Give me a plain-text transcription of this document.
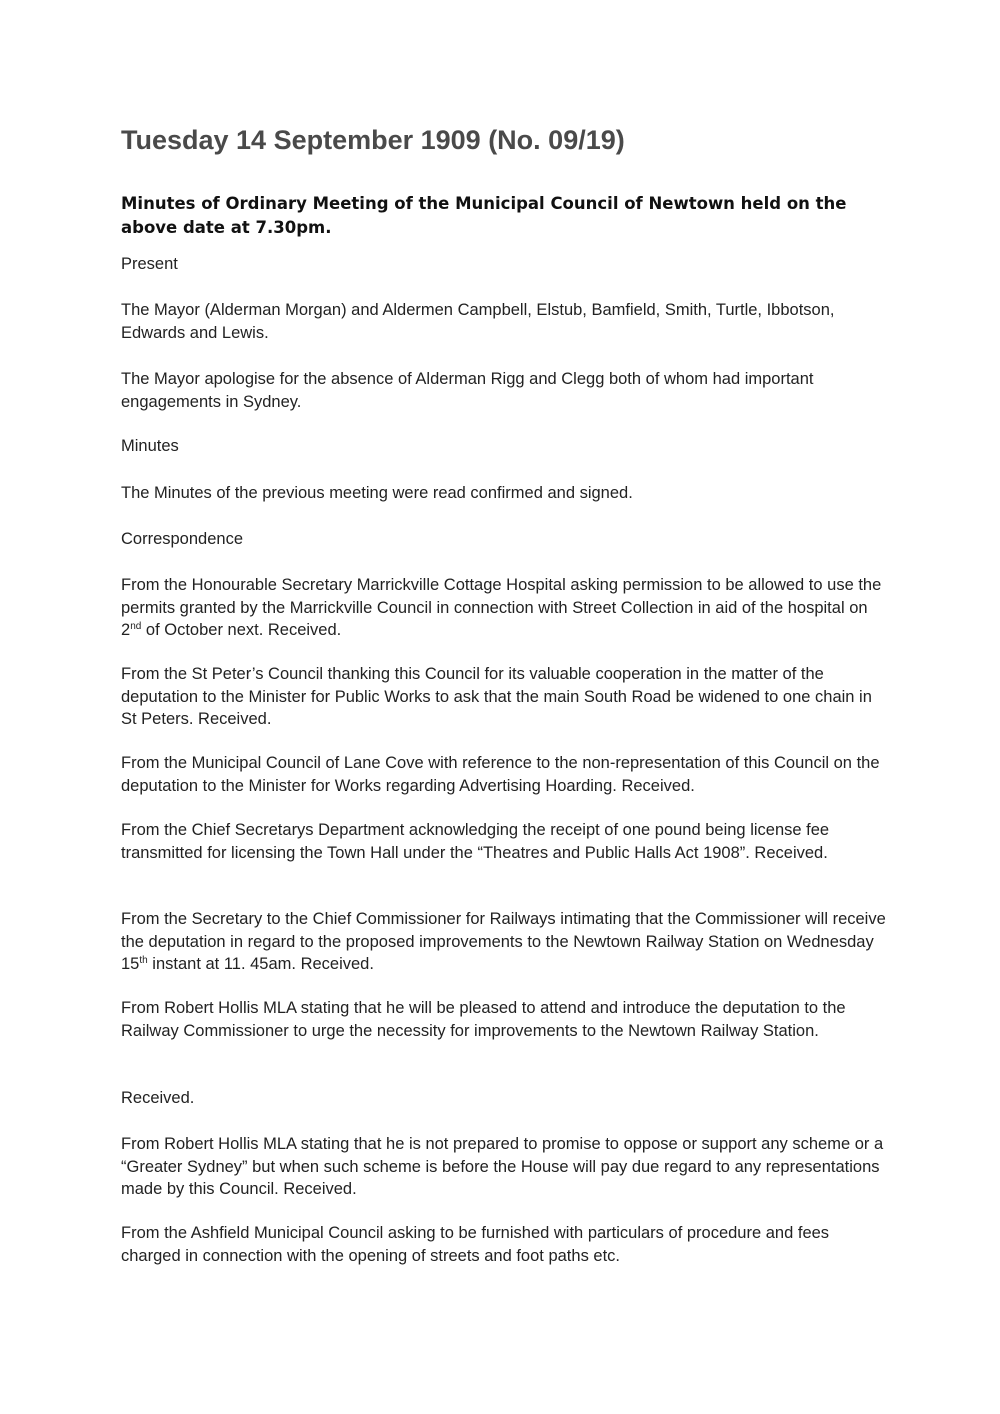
Tuesday 14 September 1909 (No. 09/19)

Minutes of Ordinary Meeting of the Municipal Council of Newtown held on the above date at 7.30pm.

Present

The Mayor (Alderman Morgan) and Aldermen Campbell, Elstub, Bamfield, Smith, Turtle, Ibbotson, Edwards and Lewis.

The Mayor apologise for the absence of Alderman Rigg and Clegg both of whom had important engagements in Sydney.

Minutes

The Minutes of the previous meeting were read confirmed and signed.

Correspondence

From the Honourable Secretary Marrickville Cottage Hospital asking permission to be allowed to use the permits granted by the Marrickville Council in connection with Street Collection in aid of the hospital on 2nd of October next. Received.

From the St Peter’s Council thanking this Council for its valuable cooperation in the matter of the deputation to the Minister for Public Works to ask that the main South Road be widened to one chain in St Peters. Received.

From the Municipal Council of Lane Cove with reference to the non-representation of this Council on the deputation to the Minister for Works regarding Advertising Hoarding. Received.

From the Chief Secretarys Department acknowledging the receipt of one pound being license fee transmitted for licensing the Town Hall under the “Theatres and Public Halls Act 1908”. Received.

From the Secretary to the Chief Commissioner for Railways intimating that the Commissioner will receive the deputation in regard to the proposed improvements to the Newtown Railway Station on Wednesday 15th instant at 11. 45am. Received.

From Robert Hollis MLA stating that he will be pleased to attend and introduce the deputation to the Railway Commissioner to urge the necessity for improvements to the Newtown Railway Station.

Received.

From Robert Hollis MLA stating that he is not prepared to promise to oppose or support any scheme or a “Greater Sydney” but when such scheme is before the House will pay due regard to any representations made by this Council. Received.

From the Ashfield Municipal Council asking to be furnished with particulars of procedure and fees charged in connection with the opening of streets and foot paths etc.
